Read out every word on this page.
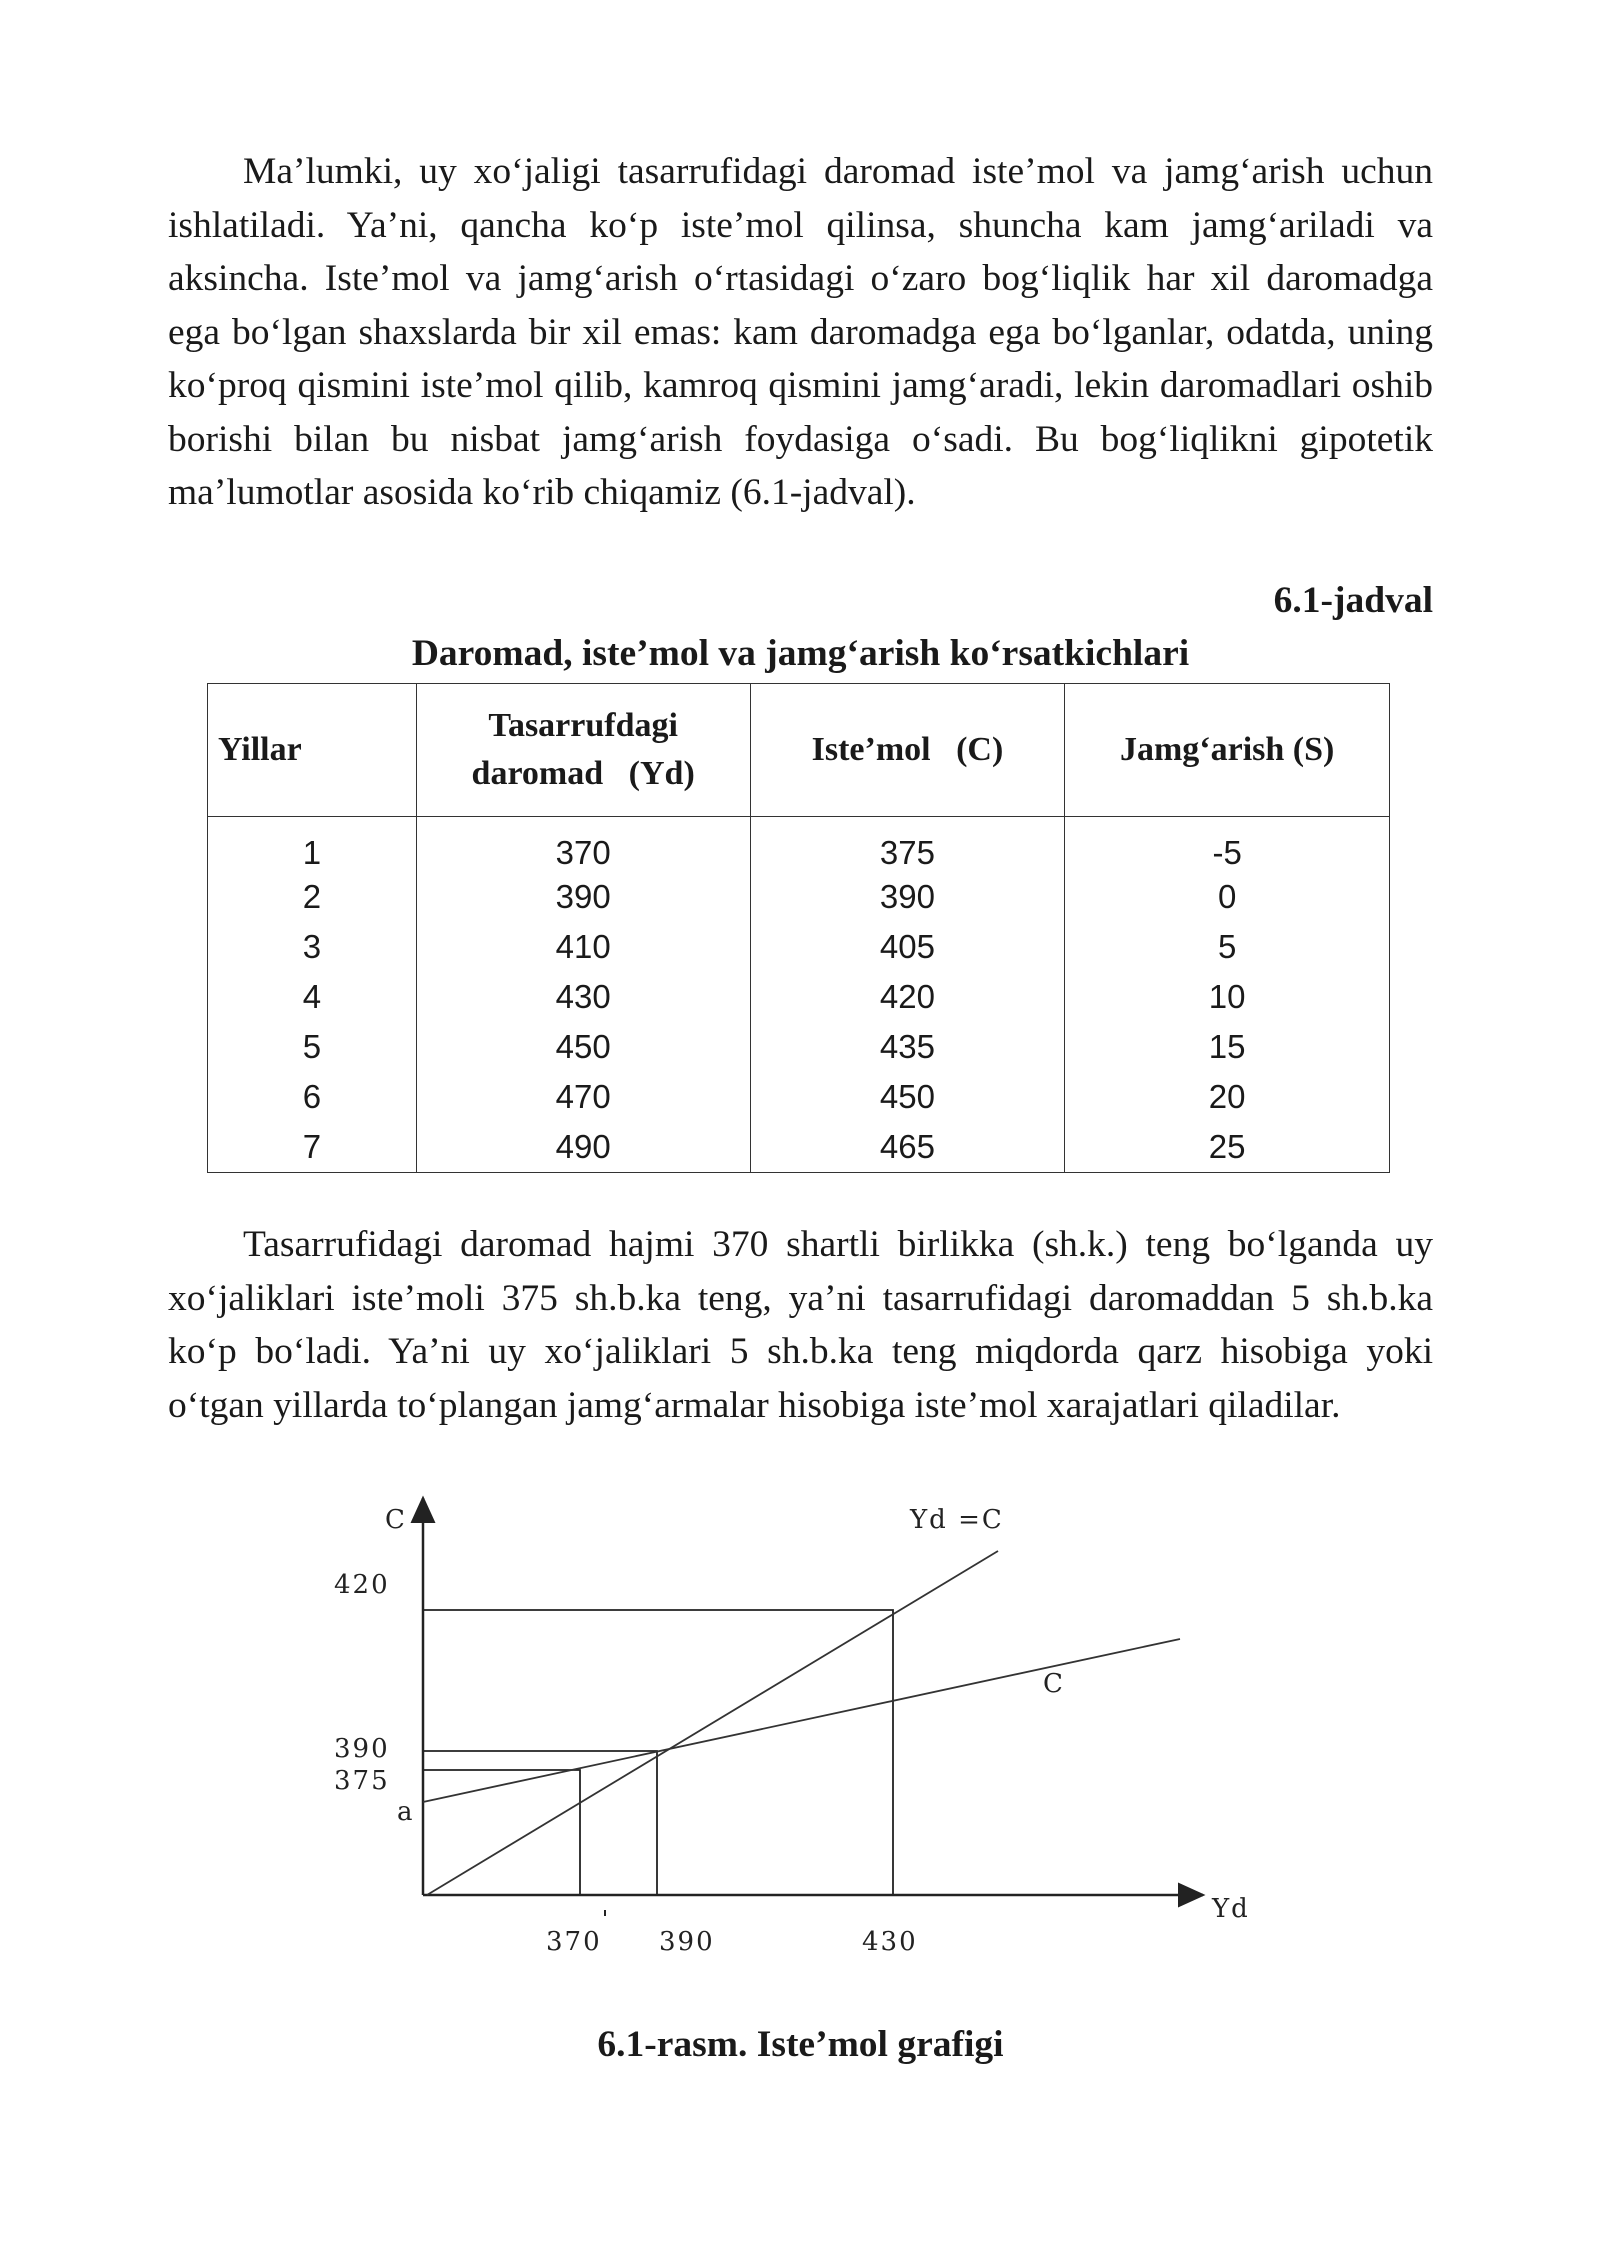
Ma’lumki, uy xo‘jaligi tasarrufidagi daromad iste’mol va jamg‘arish uchun ishlatiladi. Ya’ni, qancha ko‘p iste’mol qilinsa, shuncha kam jamg‘ariladi va aksincha. Iste’mol va jamg‘arish o‘rtasidagi o‘zaro bog‘liqlik har xil daromadga ega bo‘lgan shaxslarda bir xil emas: kam daromadga ega bo‘lganlar, odatda, uning ko‘proq qismini iste’mol qilib, kamroq qismini jamg‘aradi, lekin daromadlari oshib borishi bilan bu nisbat jamg‘arish foydasiga o‘sadi. Bu bog‘liqlikni gipotetik ma’lumotlar asosida ko‘rib chiqamiz (6.1-jadval).

6.1-jadval
Daromad, iste’mol va jamg‘arish ko‘rsatkichlari
Yillar	Tasarrufdagi daromad   (Yd)	Iste’mol   (C)	Jamg‘arish (S)
1	370	375	-5
2	390	390	0
3	410	405	5
4	430	420	10
5	450	435	15
6	470	450	20
7	490	465	25

Tasarrufidagi daromad hajmi 370 shartli birlikka (sh.k.) teng bo‘lganda uy xo‘jaliklari iste’moli 375 sh.b.ka teng, ya’ni tasarrufidagi daromaddan 5 sh.b.ka ko‘p bo‘ladi. Ya’ni uy xo‘jaliklari 5 sh.b.ka teng miqdorda qarz hisobiga yoki o‘tgan yillarda to‘plangan jamg‘armalar hisobiga iste’mol xarajatlari qiladilar.

C
Yd
Yd =C
C
a
420
390
375
370 390	430
6.1-rasm. Iste’mol grafigi
